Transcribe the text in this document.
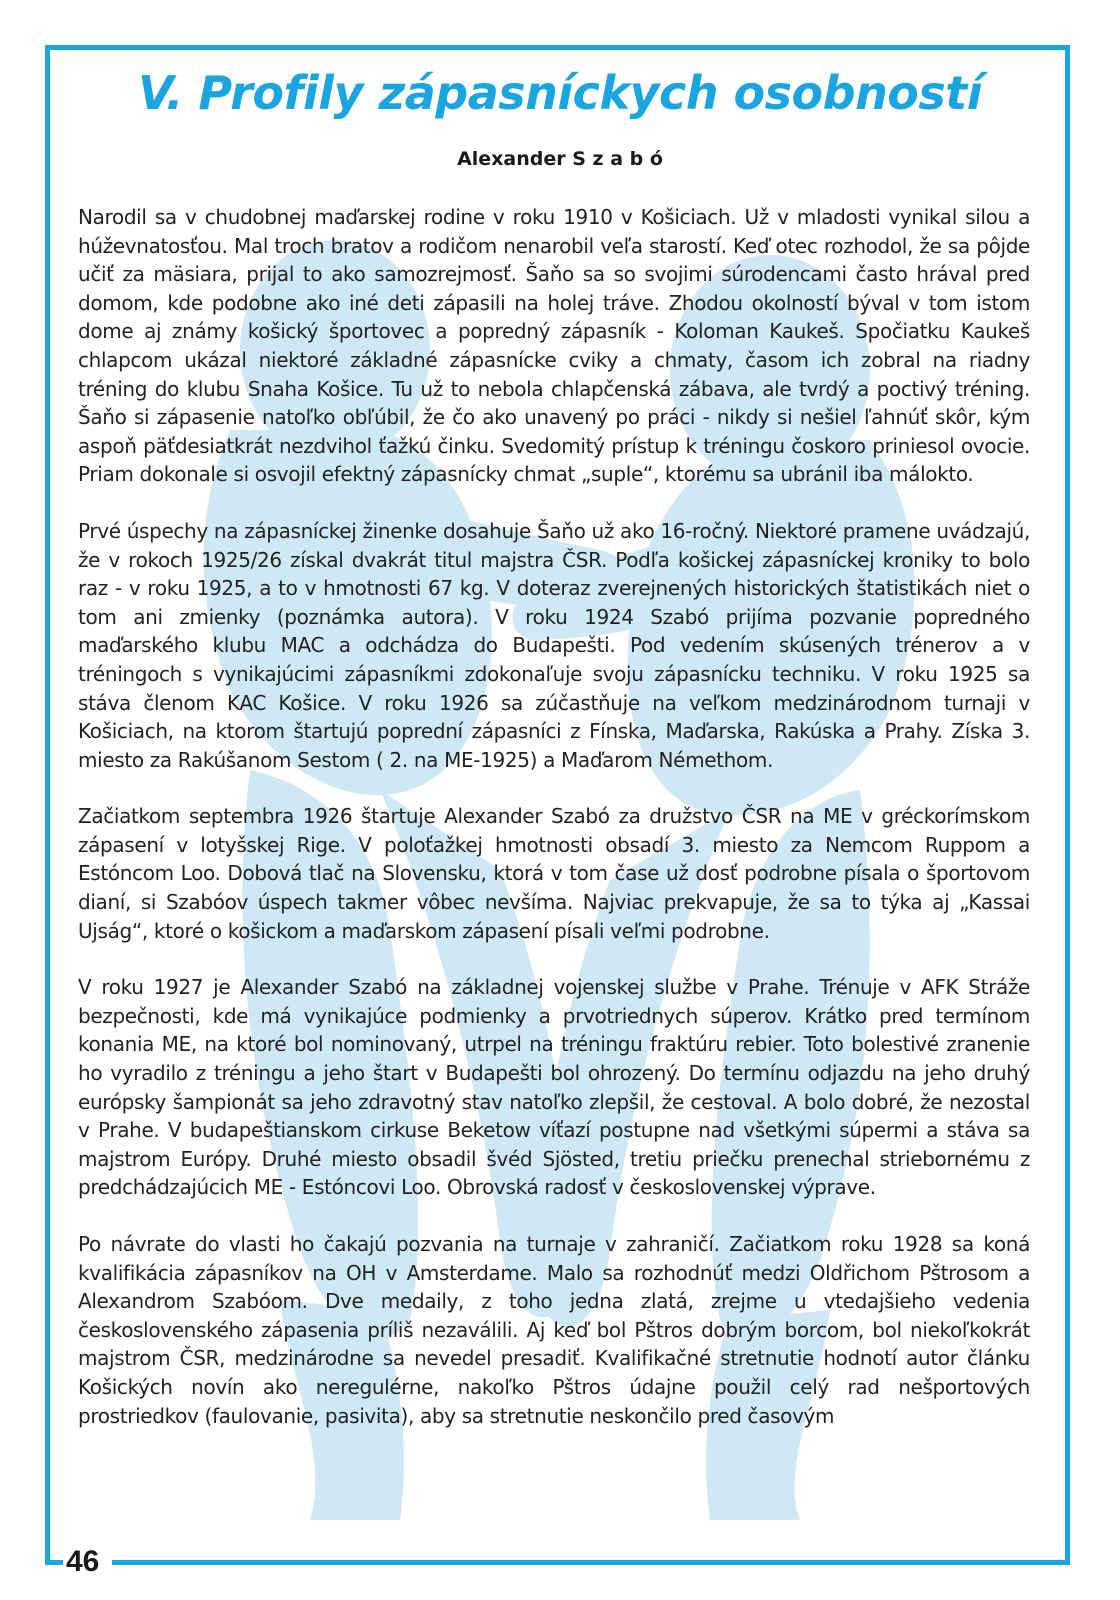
V. Profily zápasníckych osobností
Alexander S z a b ó

Narodil sa v chudobnej maďarskej rodine v roku 1910 v Košiciach. Už v mladosti vynikal silou a húževnatosťou. Mal troch bratov a rodičom nenarobil veľa starostí. Keď otec rozhodol, že sa pôjde učiť za mäsiara, prijal to ako samozrejmosť. Šaňo sa so svojimi súrodencami často hrával pred domom, kde podobne ako iné deti zápasili na holej tráve. Zhodou okolností býval v tom istom dome aj známy košický športovec a popredný zápasník - Koloman Kaukeš. Spočiatku Kaukeš chlapcom ukázal niektoré základné zápasnícke cviky a chmaty, časom ich zobral na riadny tréning do klubu Snaha Košice. Tu už to nebola chlapčenská zábava, ale tvrdý a poctivý tréning. Šaňo si zápasenie natoľko obľúbil, že čo ako unavený po práci - nikdy si nešiel ľahnúť skôr, kým aspoň päťdesiatkrát nezdvihol ťažkú činku. Svedomitý prístup k tréningu čoskoro priniesol ovocie. Priam dokonale si osvojil efektný zápasnícky chmat „suple“, ktorému sa ubránil iba málokto.

Prvé úspechy na zápasníckej žinenke dosahuje Šaňo už ako 16-ročný. Niektoré pramene uvádzajú, že v rokoch 1925/26 získal dvakrát titul majstra ČSR. Podľa košickej zápasníckej kroniky to bolo raz - v roku 1925, a to v hmotnosti 67 kg. V doteraz zverejnených historických štatistikách niet o tom ani zmienky (poznámka autora). V roku 1924 Szabó prijíma pozvanie popredného maďarského klubu MAC a odchádza do Budapešti. Pod vedením skúsených trénerov a v tréningoch s vynikajúcimi zápasníkmi zdokonaľuje svoju zápasnícku techniku. V roku 1925 sa stáva členom KAC Košice. V roku 1926 sa zúčastňuje na veľkom medzinárodnom turnaji v Košiciach, na ktorom štartujú poprední zápasníci z Fínska, Maďarska, Rakúska a Prahy. Získa 3. miesto za Rakúšanom Sestom ( 2. na ME-1925) a Maďarom Némethom.

Začiatkom septembra 1926 štartuje Alexander Szabó za družstvo ČSR na ME v gréckorímskom zápasení v lotyšskej Rige. V poloťažkej hmotnosti obsadí 3. miesto za Nemcom Ruppom a Estóncom Loo. Dobová tlač na Slovensku, ktorá v tom čase už dosť podrobne písala o športovom dianí, si Szabóov úspech takmer vôbec nevšíma. Najviac prekvapuje, že sa to týka aj „Kassai Ujság“, ktoré o košickom a maďarskom zápasení písali veľmi podrobne.

V roku 1927 je Alexander Szabó na základnej vojenskej službe v Prahe. Trénuje v AFK Stráže bezpečnosti, kde má vynikajúce podmienky a prvotriednych súperov. Krátko pred termínom konania ME, na ktoré bol nominovaný, utrpel na tréningu fraktúru rebier. Toto bolestivé zranenie ho vyradilo z tréningu a jeho štart v Budapešti bol ohrozený. Do termínu odjazdu na jeho druhý európsky šampionát sa jeho zdravotný stav natoľko zlepšil, že cestoval. A bolo dobré, že nezostal v Prahe. V budapeštianskom cirkuse Beketow víťazí postupne nad všetkými súpermi a stáva sa majstrom Európy. Druhé miesto obsadil švéd Sjösted, tretiu priečku prenechal striebornému z predchádzajúcich ME - Estóncovi Loo. Obrovská radosť v československej výprave.

Po návrate do vlasti ho čakajú pozvania na turnaje v zahraničí. Začiatkom roku 1928 sa koná kvalifikácia zápasníkov na OH v Amsterdame. Malo sa rozhodnúť medzi Oldřichom Pštrosom a Alexandrom Szabóom. Dve medaily, z toho jedna zlatá, zrejme u vtedajšieho vedenia československého zápasenia príliš nezaválili. Aj keď bol Pštros dobrým borcom, bol niekoľkokrát majstrom ČSR, medzinárodne sa nevedel presadiť. Kvalifikačné stretnutie hodnotí autor článku Košických novín ako neregulérne, nakoľko Pštros údajne použil celý rad nešportových prostriedkov (faulovanie, pasivita), aby sa stretnutie neskončilo pred časovým

46
